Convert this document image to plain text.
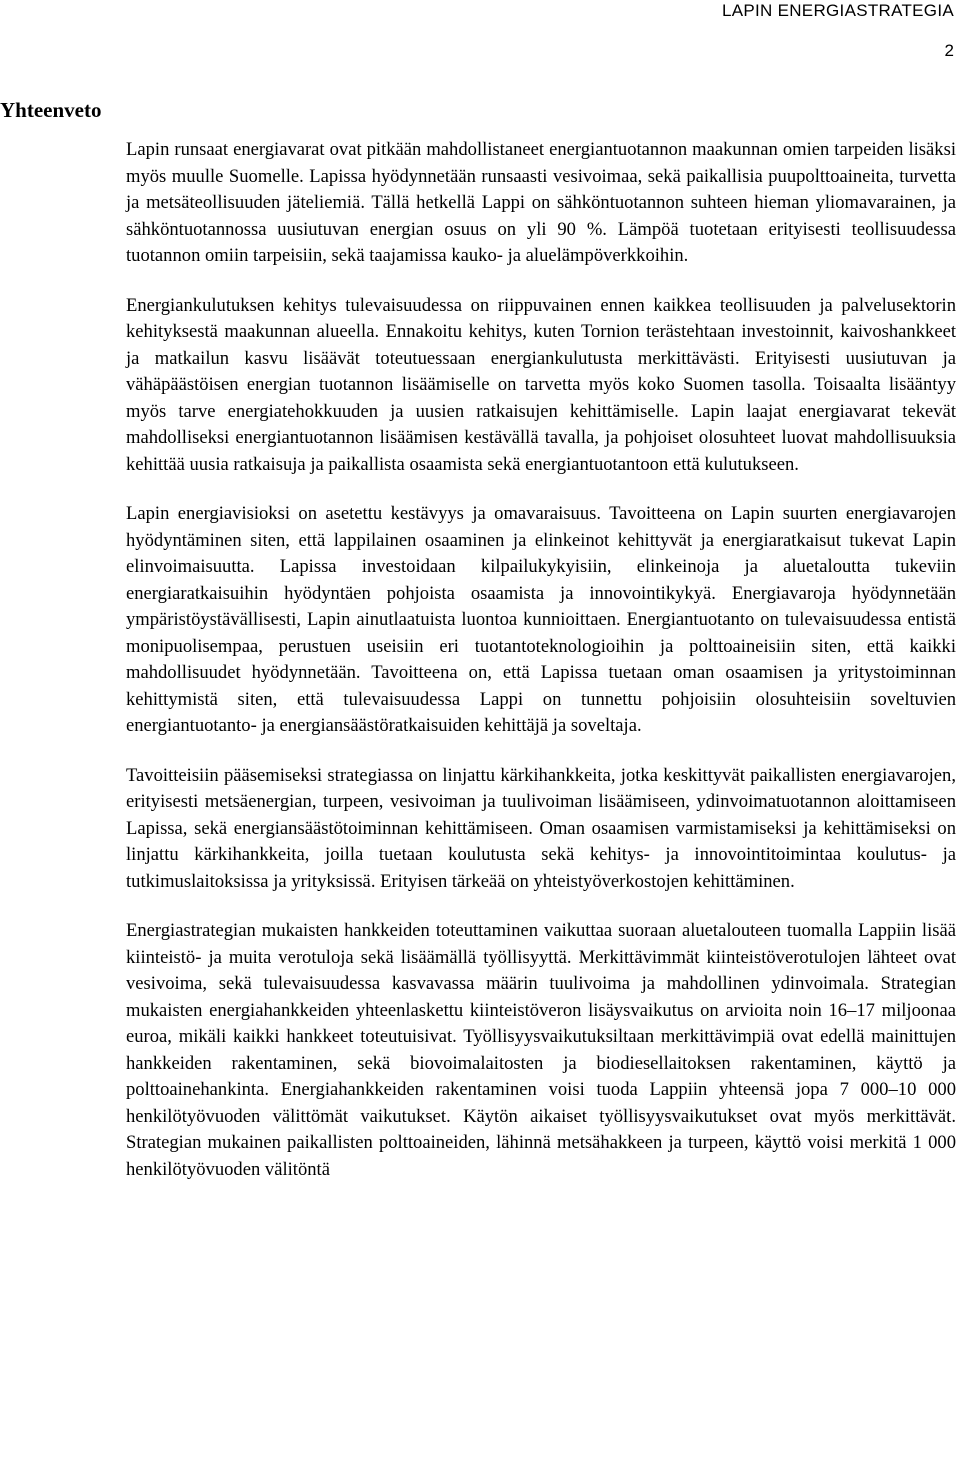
LAPIN ENERGIASTRATEGIA
2
Yhteenveto

Lapin runsaat energiavarat ovat pitkään mahdollistaneet energiantuotannon maakunnan omien tarpeiden lisäksi myös muulle Suomelle. Lapissa hyödynnetään runsaasti vesivoimaa, sekä paikallisia puupolttoaineita, turvetta ja metsäteollisuuden jäteliemiä. Tällä hetkellä Lappi on sähköntuotannon suhteen hieman yliomavarainen, ja sähköntuotannossa uusiutuvan energian osuus on yli 90 %. Lämpöä tuotetaan erityisesti teollisuudessa tuotannon omiin tarpeisiin, sekä taajamissa kauko- ja aluelämpöverkkoihin.

Energiankulutuksen kehitys tulevaisuudessa on riippuvainen ennen kaikkea teollisuuden ja palvelusektorin kehityksestä maakunnan alueella. Ennakoitu kehitys, kuten Tornion terästehtaan investoinnit, kaivoshankkeet ja matkailun kasvu lisäävät toteutuessaan energiankulutusta merkittävästi. Erityisesti uusiutuvan ja vähäpäästöisen energian tuotannon lisäämiselle on tarvetta myös koko Suomen tasolla. Toisaalta lisääntyy myös tarve energiatehokkuuden ja uusien ratkaisujen kehittämiselle. Lapin laajat energiavarat tekevät mahdolliseksi energiantuotannon lisäämisen kestävällä tavalla, ja pohjoiset olosuhteet luovat mahdollisuuksia kehittää uusia ratkaisuja ja paikallista osaamista sekä energiantuotantoon että kulutukseen.

Lapin energiavisioksi on asetettu kestävyys ja omavaraisuus. Tavoitteena on Lapin suurten energiavarojen hyödyntäminen siten, että lappilainen osaaminen ja elinkeinot kehittyvät ja energiaratkaisut tukevat Lapin elinvoimaisuutta. Lapissa investoidaan kilpailukykyisiin, elinkeinoja ja aluetaloutta tukeviin energiaratkaisuihin hyödyntäen pohjoista osaamista ja innovointikykyä. Energiavaroja hyödynnetään ympäristöystävällisesti, Lapin ainutlaatuista luontoa kunnioittaen. Energiantuotanto on tulevaisuudessa entistä monipuolisempaa, perustuen useisiin eri tuotantoteknologioihin ja polttoaineisiin siten, että kaikki mahdollisuudet hyödynnetään. Tavoitteena on, että Lapissa tuetaan oman osaamisen ja yritystoiminnan kehittymistä siten, että tulevaisuudessa Lappi on tunnettu pohjoisiin olosuhteisiin soveltuvien energiantuotanto- ja energiansäästöratkaisuiden kehittäjä ja soveltaja.

Tavoitteisiin pääsemiseksi strategiassa on linjattu kärkihankkeita, jotka keskittyvät paikallisten energiavarojen, erityisesti metsäenergian, turpeen, vesivoiman ja tuulivoiman lisäämiseen, ydinvoimatuotannon aloittamiseen Lapissa, sekä energiansäästötoiminnan kehittämiseen. Oman osaamisen varmistamiseksi ja kehittämiseksi on linjattu kärkihankkeita, joilla tuetaan koulutusta sekä kehitys- ja innovointitoimintaa koulutus- ja tutkimuslaitoksissa ja yrityksissä. Erityisen tärkeää on yhteistyöverkostojen kehittäminen.

Energiastrategian mukaisten hankkeiden toteuttaminen vaikuttaa suoraan aluetalouteen tuomalla Lappiin lisää kiinteistö- ja muita verotuloja sekä lisäämällä työllisyyttä. Merkittävimmät kiinteistöverotulojen lähteet ovat vesivoima, sekä tulevaisuudessa kasvavassa määrin tuulivoima ja mahdollinen ydinvoimala. Strategian mukaisten energiahankkeiden yhteenlaskettu kiinteistöveron lisäysvaikutus on arvioita noin 16–17 miljoonaa euroa, mikäli kaikki hankkeet toteutuisivat. Työllisyysvaikutuksiltaan merkittävimpiä ovat edellä mainittujen hankkeiden rakentaminen, sekä biovoimalaitosten ja biodiesellaitoksen rakentaminen, käyttö ja polttoainehankinta. Energiahankkeiden rakentaminen voisi tuoda Lappiin yhteensä jopa 7 000–10 000 henkilötyövuoden välittömät vaikutukset. Käytön aikaiset työllisyysvaikutukset ovat myös merkittävät. Strategian mukainen paikallisten polttoaineiden, lähinnä metsähakkeen ja turpeen, käyttö voisi merkitä 1 000 henkilötyövuoden välitöntä
